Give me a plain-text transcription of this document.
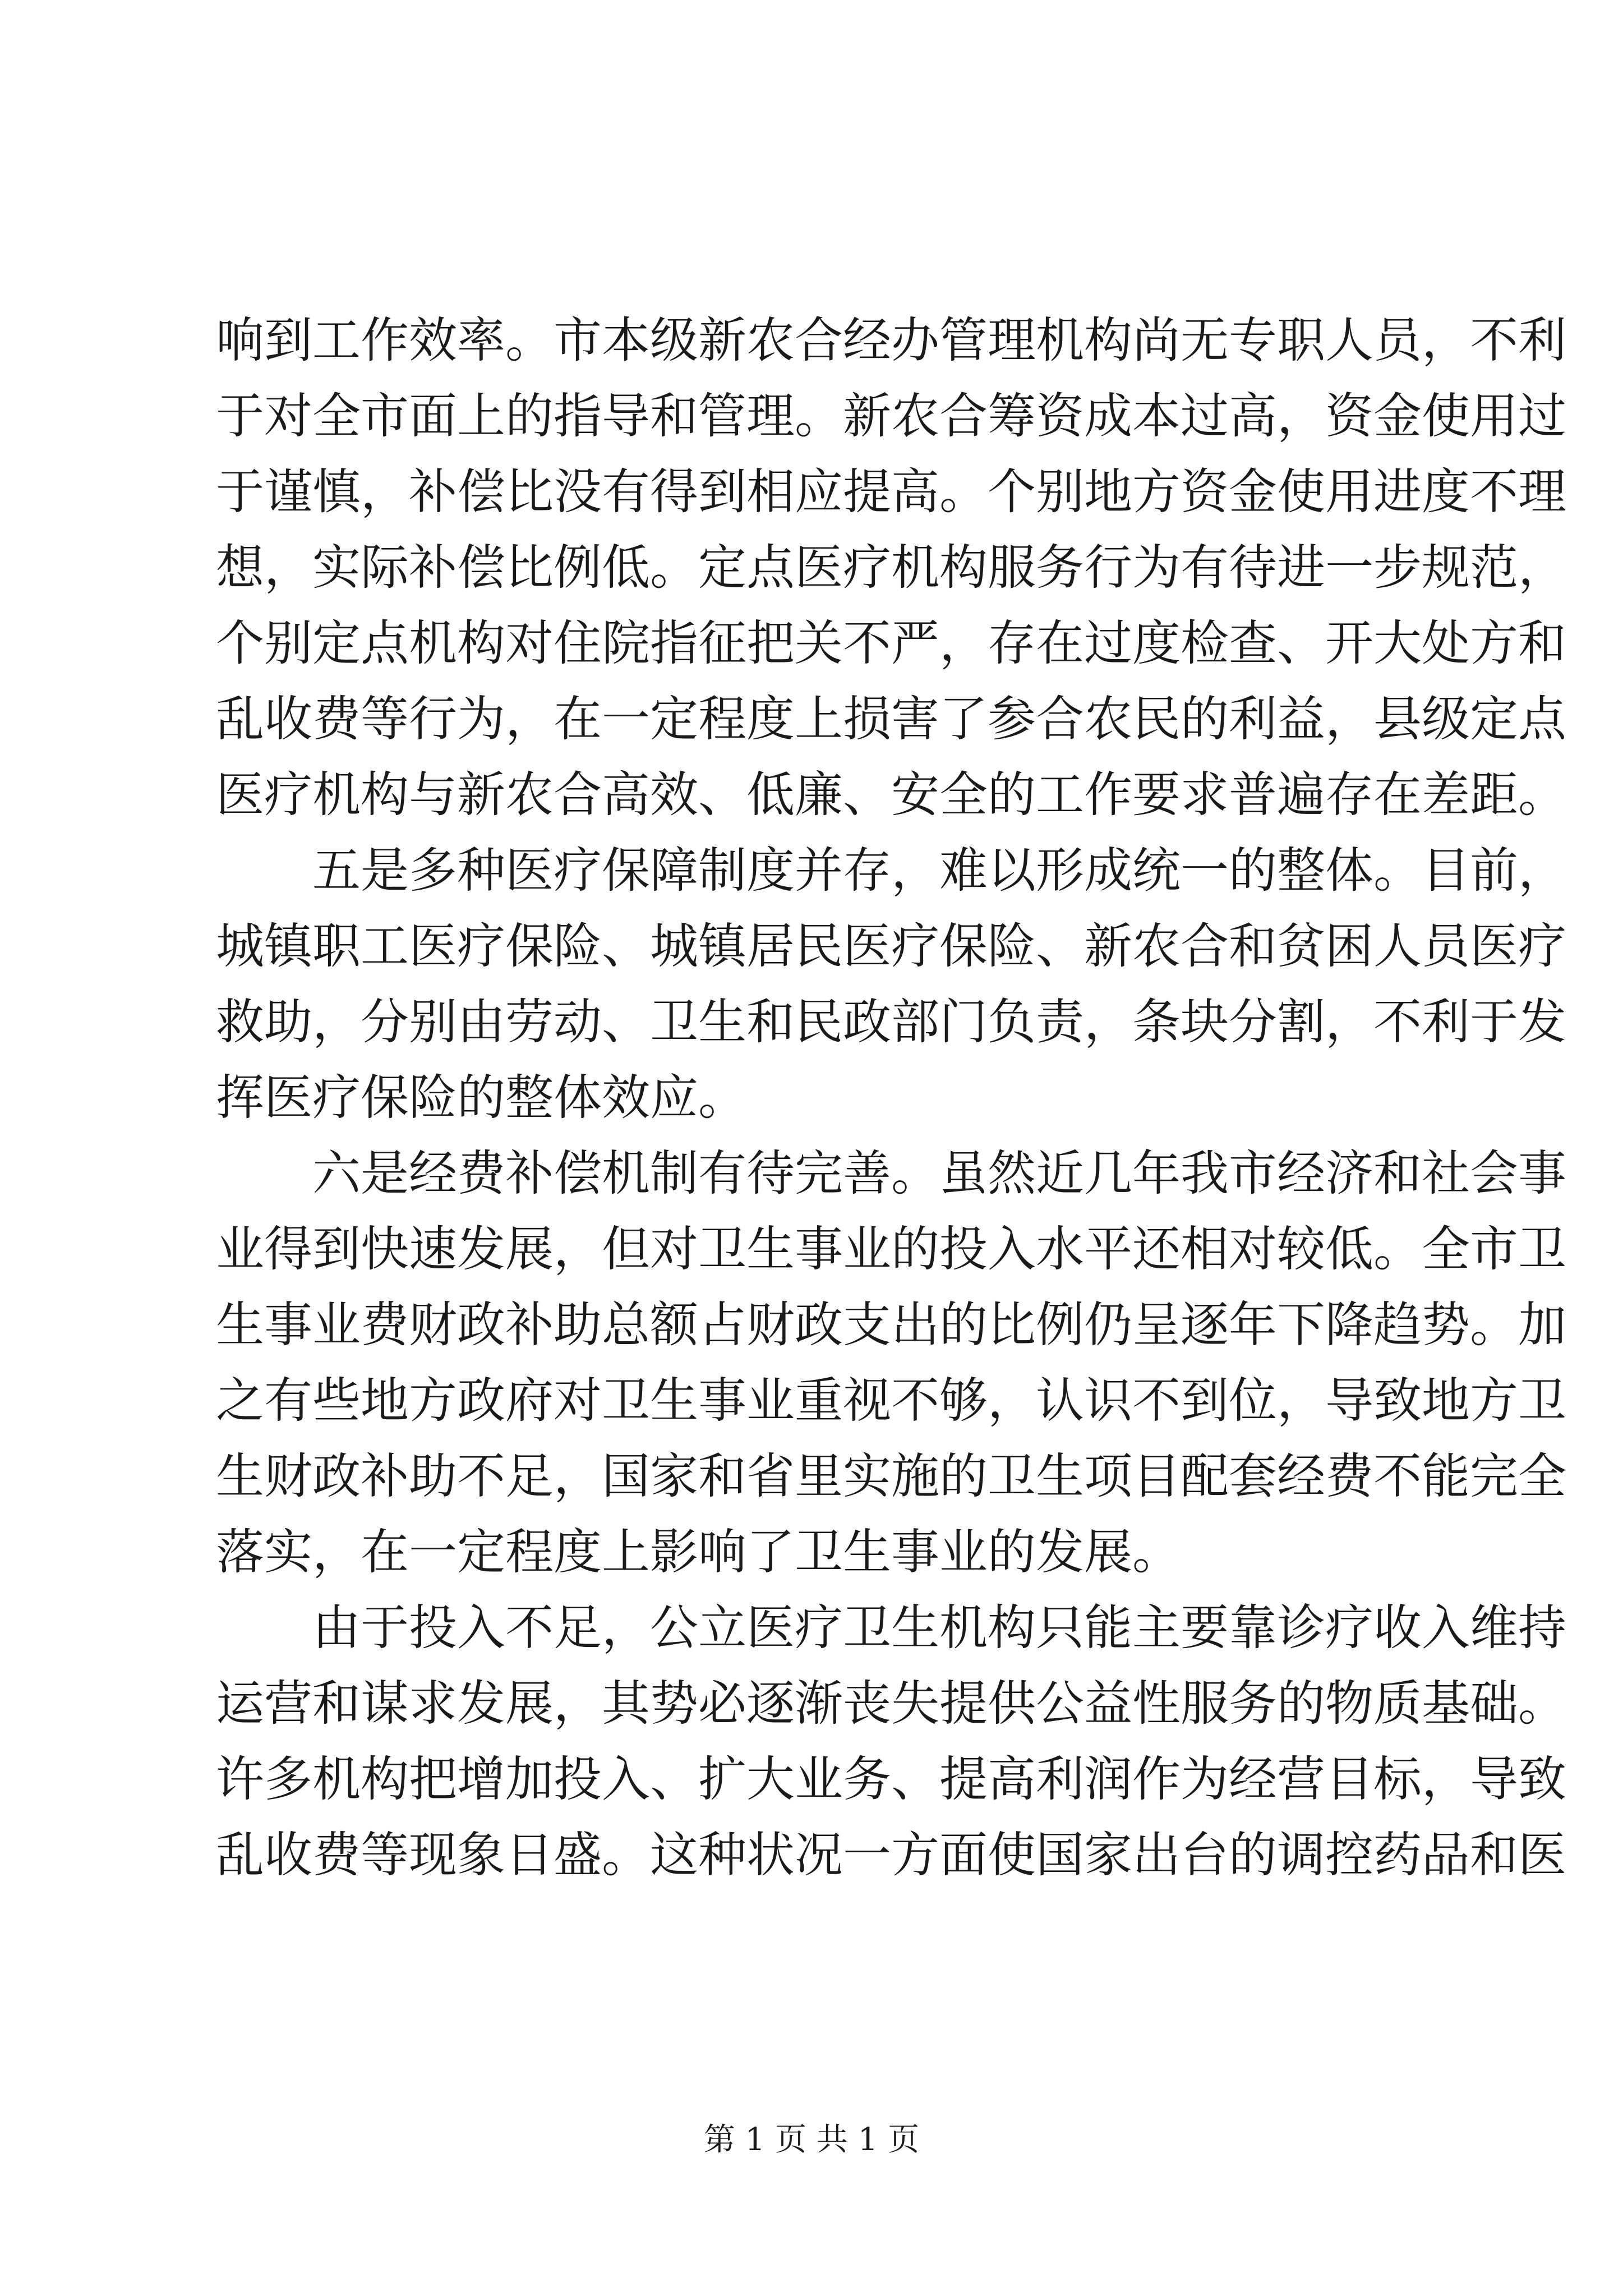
响到工作效率。市本级新农合经办管理机构尚无专职人员，不利
于对全市面上的指导和管理。新农合筹资成本过高，资金使用过
于谨慎，补偿比没有得到相应提高。个别地方资金使用进度不理
想，实际补偿比例低。定点医疗机构服务行为有待进一步规范，
个别定点机构对住院指征把关不严，存在过度检查、开大处方和
乱收费等行为，在一定程度上损害了参合农民的利益，县级定点
医疗机构与新农合高效、低廉、安全的工作要求普遍存在差距。
五是多种医疗保障制度并存，难以形成统一的整体。目前，
城镇职工医疗保险、城镇居民医疗保险、新农合和贫困人员医疗
救助，分别由劳动、卫生和民政部门负责，条块分割，不利于发
挥医疗保险的整体效应。
六是经费补偿机制有待完善。虽然近几年我市经济和社会事
业得到快速发展，但对卫生事业的投入水平还相对较低。全市卫
生事业费财政补助总额占财政支出的比例仍呈逐年下降趋势。加
之有些地方政府对卫生事业重视不够，认识不到位，导致地方卫
生财政补助不足，国家和省里实施的卫生项目配套经费不能完全
落实，在一定程度上影响了卫生事业的发展。
由于投入不足，公立医疗卫生机构只能主要靠诊疗收入维持
运营和谋求发展，其势必逐渐丧失提供公益性服务的物质基础。
许多机构把增加投入、扩大业务、提高利润作为经营目标，导致
乱收费等现象日盛。这种状况一方面使国家出台的调控药品和医
第 1 页 共 1 页
